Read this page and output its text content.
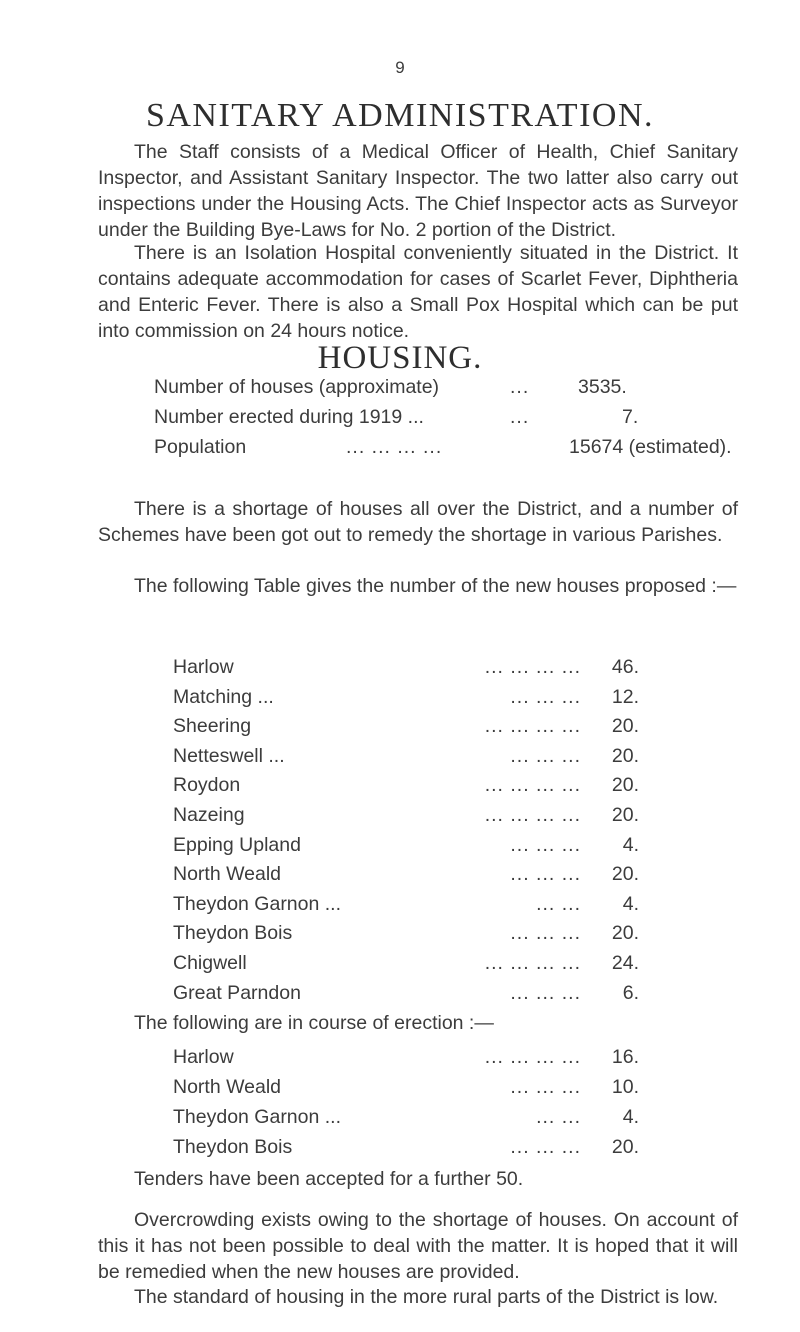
9
SANITARY ADMINISTRATION.
The Staff consists of a Medical Officer of Health, Chief Sanitary Inspector, and Assistant Sanitary Inspector. The two latter also carry out inspections under the Housing Acts. The Chief Inspector acts as Surveyor under the Building Bye-Laws for No. 2 portion of the District.
There is an Isolation Hospital conveniently situated in the District. It contains adequate accommodation for cases of Scarlet Fever, Diphtheria and Enteric Fever. There is also a Small Pox Hospital which can be put into commission on 24 hours notice.
HOUSING.
Number of houses (approximate)	... 3535.
Number erected during 1919 ...	...	7.
Population	... ... ... ...	15674 (estimated).
There is a shortage of houses all over the District, and a number of Schemes have been got out to remedy the shortage in various Parishes.
The following Table gives the number of the new houses proposed :—
Harlow	... ... ... ... 46.
Matching ...	... ... ... 12.
Sheering	... ... ... ... 20.
Netteswell ...	... ... ... 20.
Roydon	... ... ... ... 20.
Nazeing	... ... ... ... 20.
Epping Upland	... ... ... 4.
North Weald	... ... ... 20.
Theydon Garnon ...	... ... 4.
Theydon Bois	... ... ... 20.
Chigwell	... ... ... ... 24.
Great Parndon	... ... ... 6.
The following are in course of erection :—
Harlow	... ... ... ... 16.
North Weald	... ... ... 10.
Theydon Garnon ...	... ... 4.
Theydon Bois	... ... ... 20.
Tenders have been accepted for a further 50.
Overcrowding exists owing to the shortage of houses. On account of this it has not been possible to deal with the matter. It is hoped that it will be remedied when the new houses are provided.
The standard of housing in the more rural parts of the District is low.
